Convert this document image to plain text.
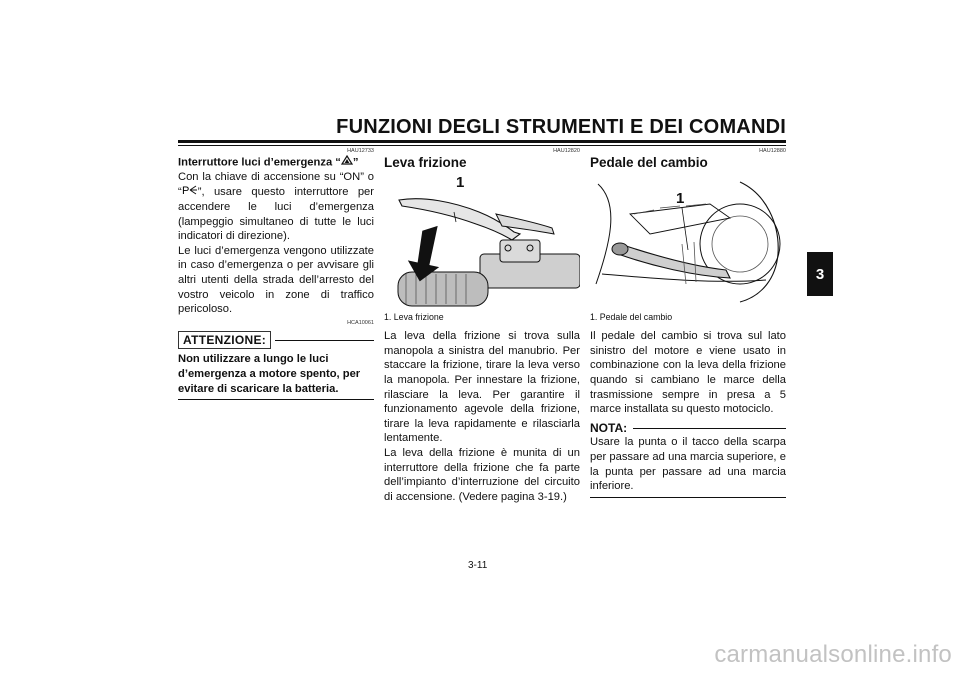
FUNZIONI DEGLI STRUMENTI E DEI COMANDI
3
HAU12733

Interruttore luci d’emergenza “ ”

Con la chiave di accensione su “ON” o “ P ”, usare questo interruttore per accendere le luci d’emergenza (lampeggio simultaneo di tutte le luci indicatori di direzione).

Le luci d’emergenza vengono utilizzate in caso d’emergenza o per avvisare gli altri utenti della strada dell’arresto del vostro veicolo in zone di traffico pericoloso.

HCA10061
ATTENZIONE:

Non utilizzare a lungo le luci d’emergenza a motore spento, per evitare di scaricare la batteria.

HAU12820
Leva frizione
1

1. Leva frizione

La leva della frizione si trova sulla manopola a sinistra del manubrio. Per staccare la frizione, tirare la leva verso la manopola. Per innestare la frizione, rilasciare la leva. Per garantire il funzionamento agevole della frizione, tirare la leva rapidamente e rilasciarla lentamente.

La leva della frizione è munita di un interruttore della frizione che fa parte dell’impianto d’interruzione del circuito di accensione. (Vedere pagina 3-19.)

HAU12880
Pedale del cambio
1

1. Pedale del cambio

Il pedale del cambio si trova sul lato sinistro del motore e viene usato in combinazione con la leva della frizione quando si cambiano le marce della trasmissione sempre in presa a 5 marce installata su questo motociclo.

NOTA:

Usare la punta o il tacco della scarpa per passare ad una marcia superiore, e la punta per passare ad una marcia inferiore.

3-11
carmanualsonline.info
